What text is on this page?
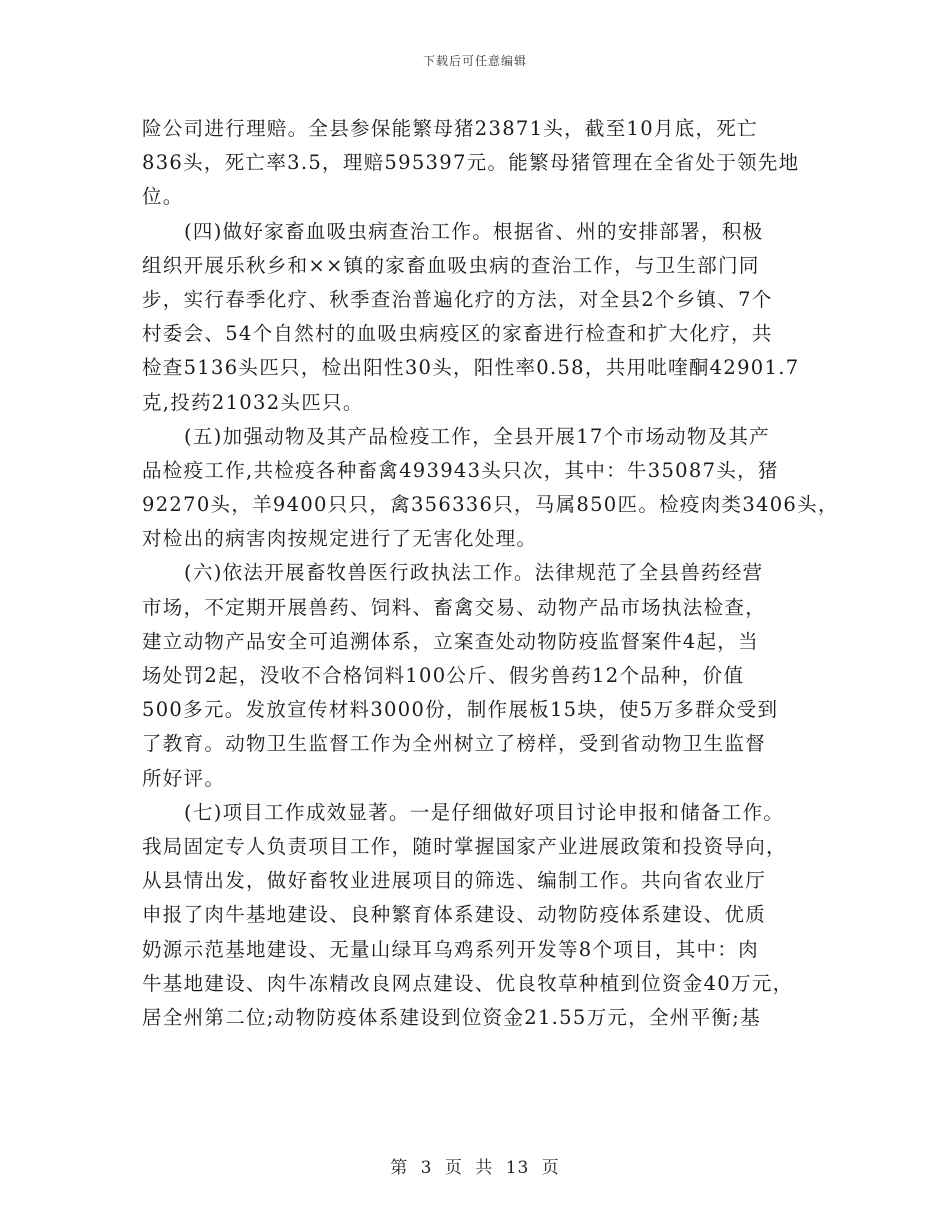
下载后可任意编辑
险公司进行理赔。全县参保能繁母猪23871头，截至10月底，死亡
836头，死亡率3.5，理赔595397元。能繁母猪管理在全省处于领先地
位。
(四)做好家畜血吸虫病查治工作。根据省、州的安排部署，积极
组织开展乐秋乡和××镇的家畜血吸虫病的查治工作，与卫生部门同
步，实行春季化疗、秋季查治普遍化疗的方法，对全县2个乡镇、7个
村委会、54个自然村的血吸虫病疫区的家畜进行检查和扩大化疗，共
检查5136头匹只，检出阳性30头，阳性率0.58，共用吡喹酮42901.7
克,投药21032头匹只。
(五)加强动物及其产品检疫工作，全县开展17个市场动物及其产
品检疫工作,共检疫各种畜禽493943头只次，其中：牛35087头，猪
92270头，羊9400只只，禽356336只，马属850匹。检疫肉类3406头，
对检出的病害肉按规定进行了无害化处理。
(六)依法开展畜牧兽医行政执法工作。法律规范了全县兽药经营
市场，不定期开展兽药、饲料、畜禽交易、动物产品市场执法检查，
建立动物产品安全可追溯体系，立案查处动物防疫监督案件4起，当
场处罚2起，没收不合格饲料100公斤、假劣兽药12个品种，价值
500多元。发放宣传材料3000份，制作展板15块，使5万多群众受到
了教育。动物卫生监督工作为全州树立了榜样，受到省动物卫生监督
所好评。
(七)项目工作成效显著。一是仔细做好项目讨论申报和储备工作。
我局固定专人负责项目工作，随时掌握国家产业进展政策和投资导向，
从县情出发，做好畜牧业进展项目的筛选、编制工作。共向省农业厅
申报了肉牛基地建设、良种繁育体系建设、动物防疫体系建设、优质
奶源示范基地建设、无量山绿耳乌鸡系列开发等8个项目，其中：肉
牛基地建设、肉牛冻精改良网点建设、优良牧草种植到位资金40万元，
居全州第二位;动物防疫体系建设到位资金21.55万元，全州平衡;基
第 3 页 共 13 页
